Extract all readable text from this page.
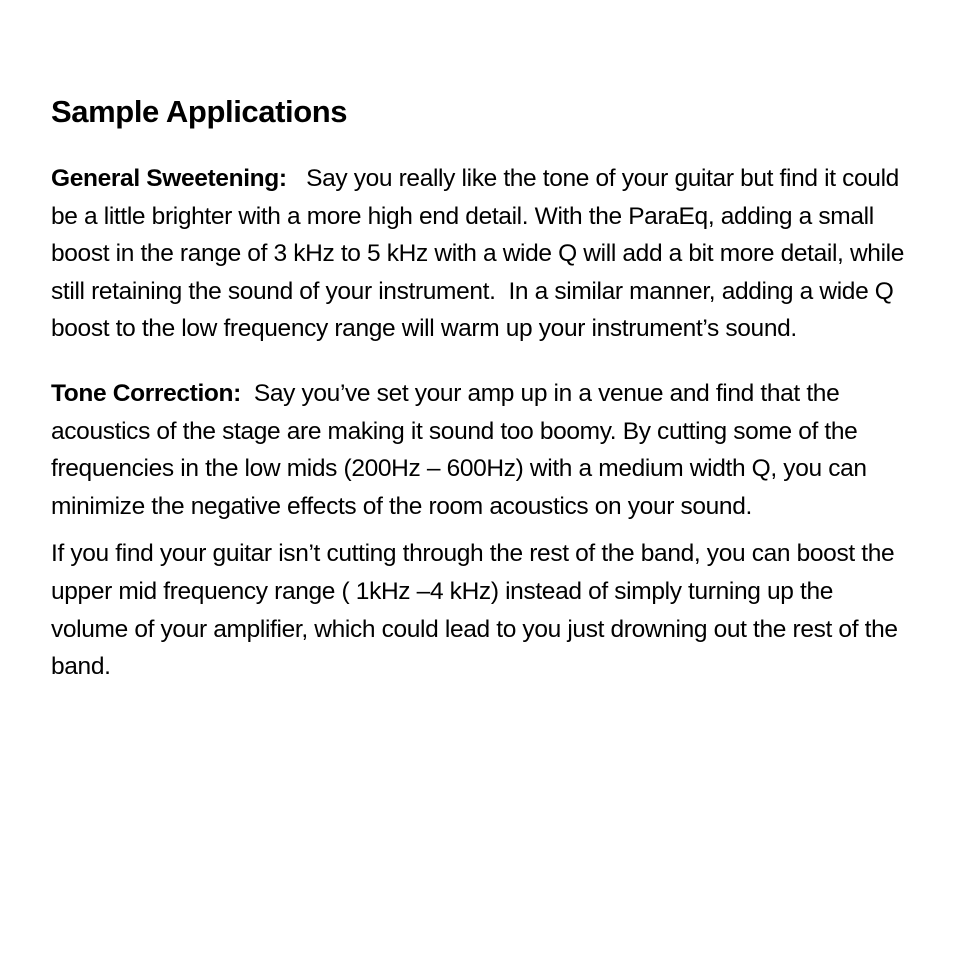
Sample Applications

General Sweetening:   Say you really like the tone of your guitar but find it could be a little brighter with a more high end detail. With the ParaEq, adding a small boost in the range of 3 kHz to 5 kHz with a wide Q will add a bit more detail, while still retaining the sound of your instrument.  In a similar manner, adding a wide Q boost to the low frequency range will warm up your instrument’s sound.

Tone Correction:  Say you’ve set your amp up in a venue and find that the acoustics of the stage are making it sound too boomy. By cutting some of the frequencies in the low mids (200Hz – 600Hz) with a medium width Q, you can minimize the negative effects of the room acoustics on your sound.

If you find your guitar isn’t cutting through the rest of the band, you can boost the upper mid frequency range ( 1kHz –4 kHz) instead of simply turning up the volume of your amplifier, which could lead to you just drowning out the rest of the band.
